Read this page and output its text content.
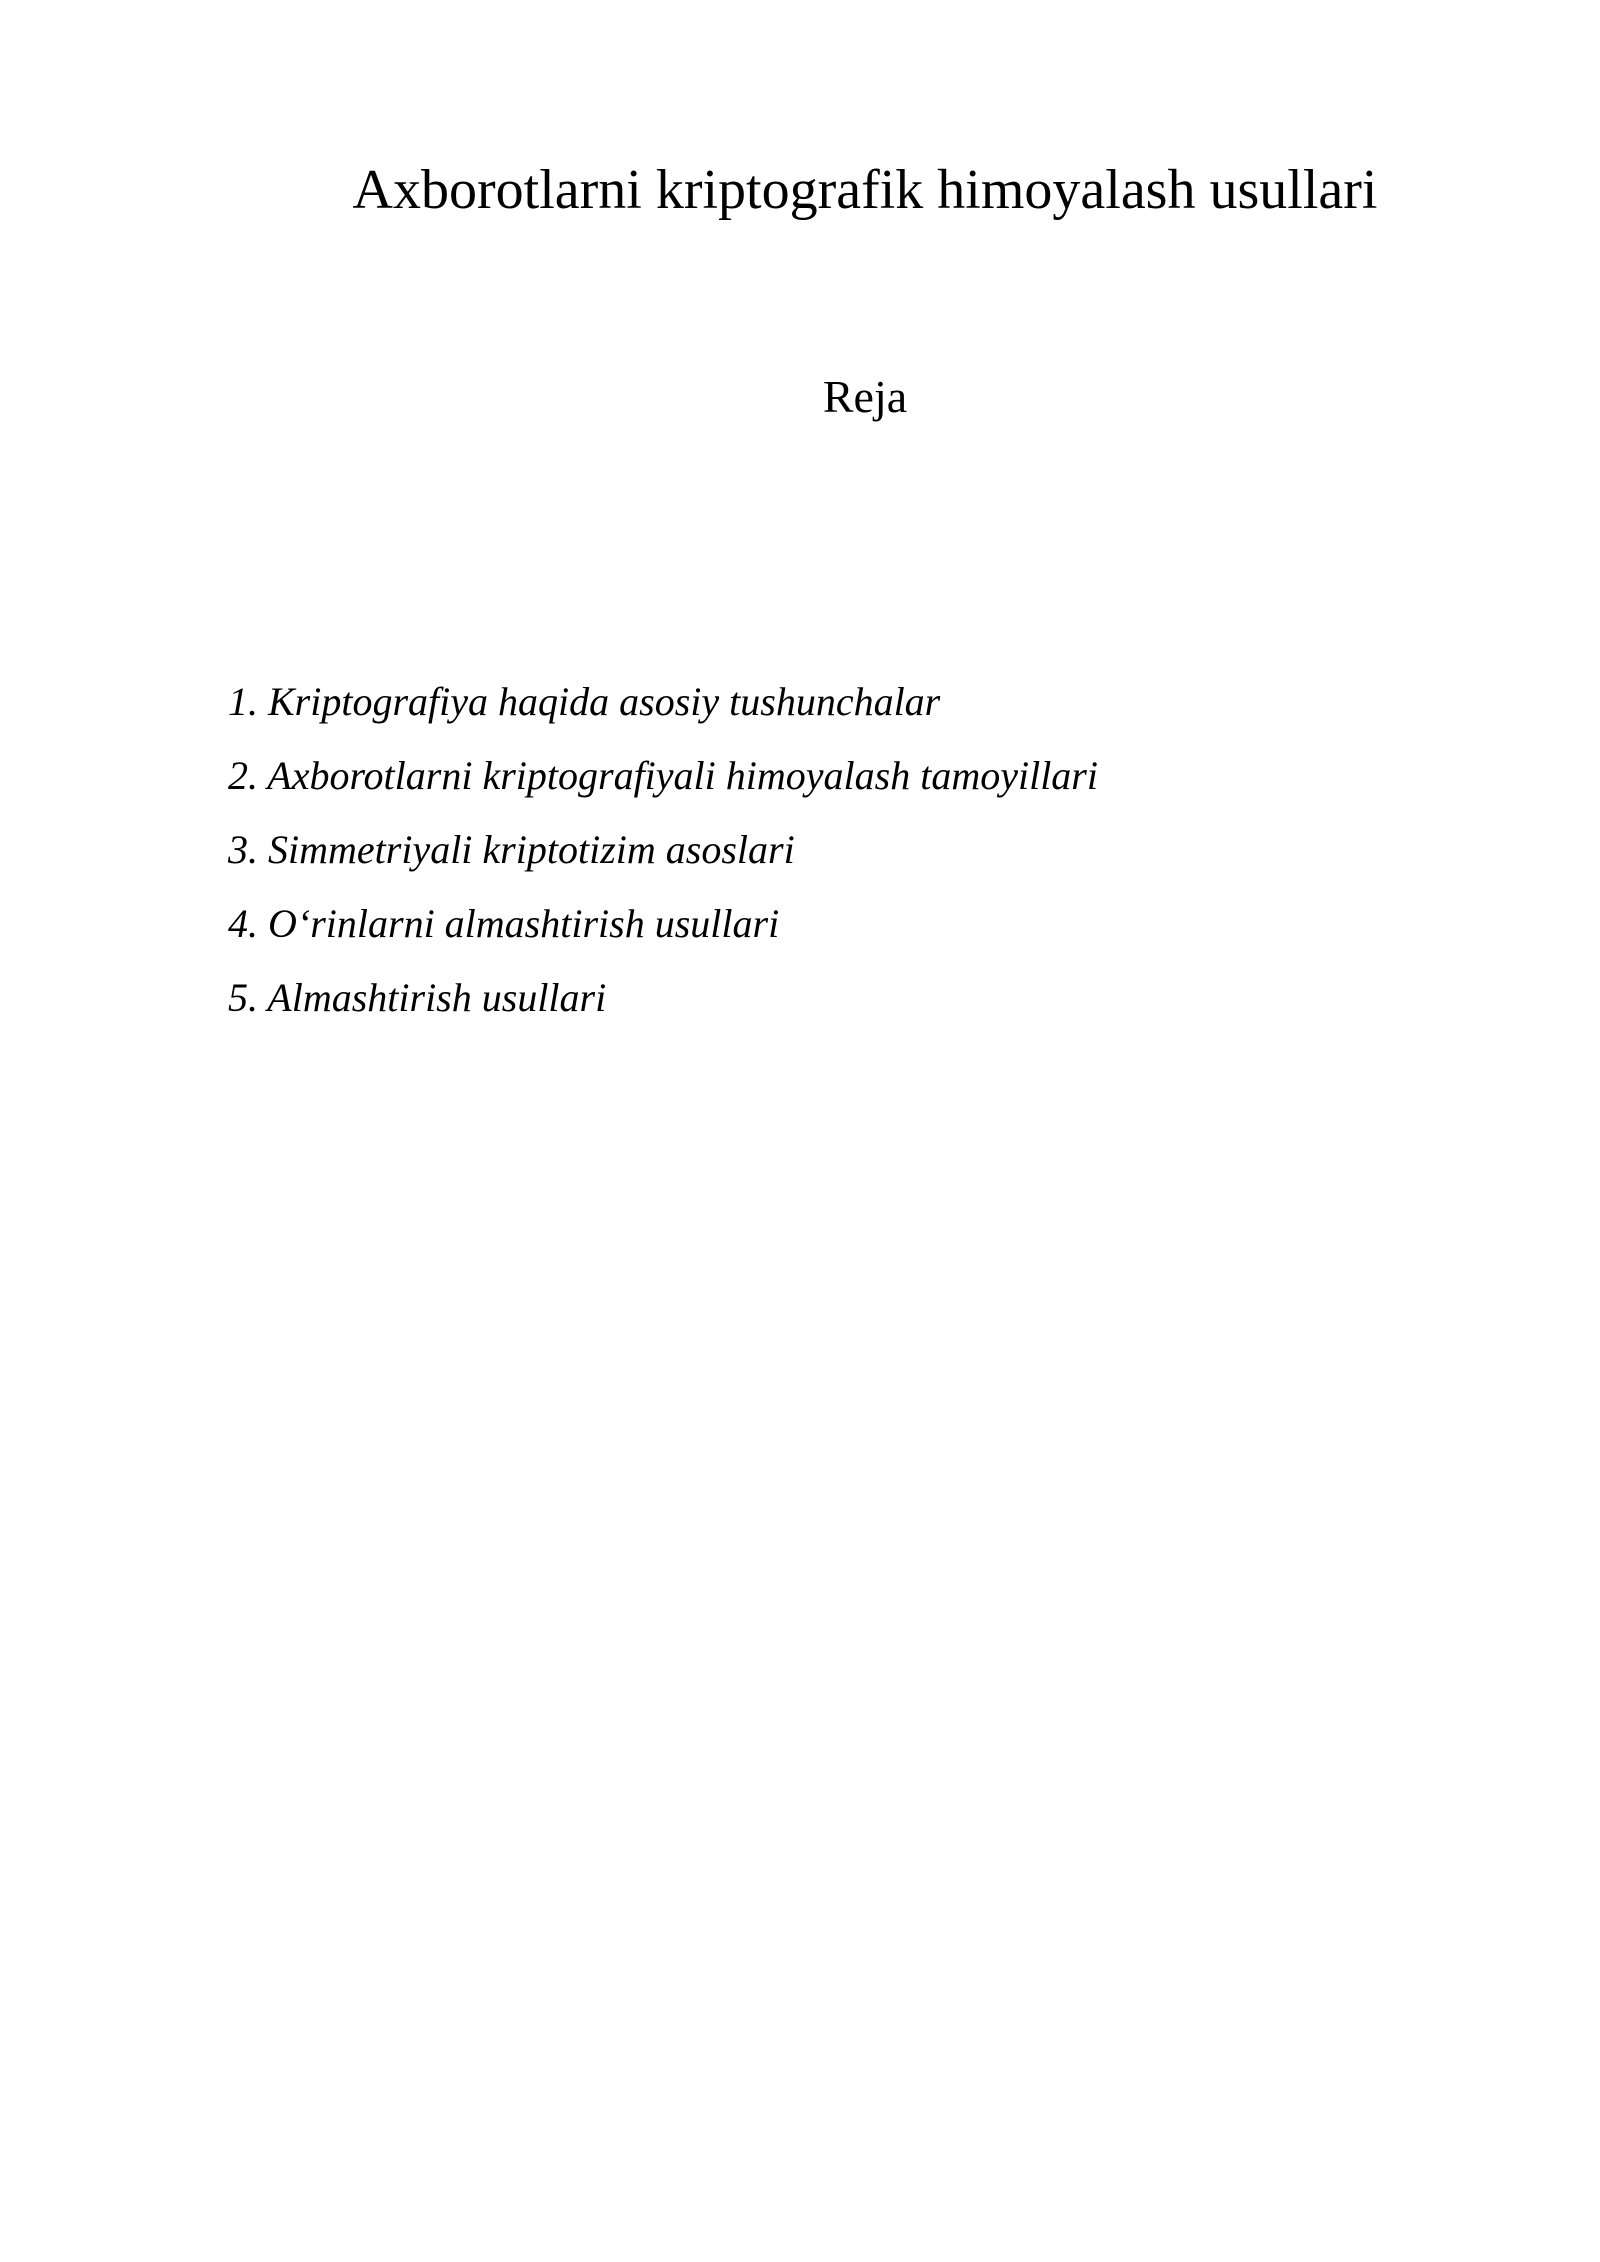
Axborotlarni kriptografik himoyalash usullari
Reja
1. Kriptografiya haqida asosiy tushunchalar
2. Axborotlarni kriptografiyali himoyalash tamoyillari
3. Simmetriyali kriptotizim asoslari
4. O‘rinlarni almashtirish usullari
5. Almashtirish usullari
